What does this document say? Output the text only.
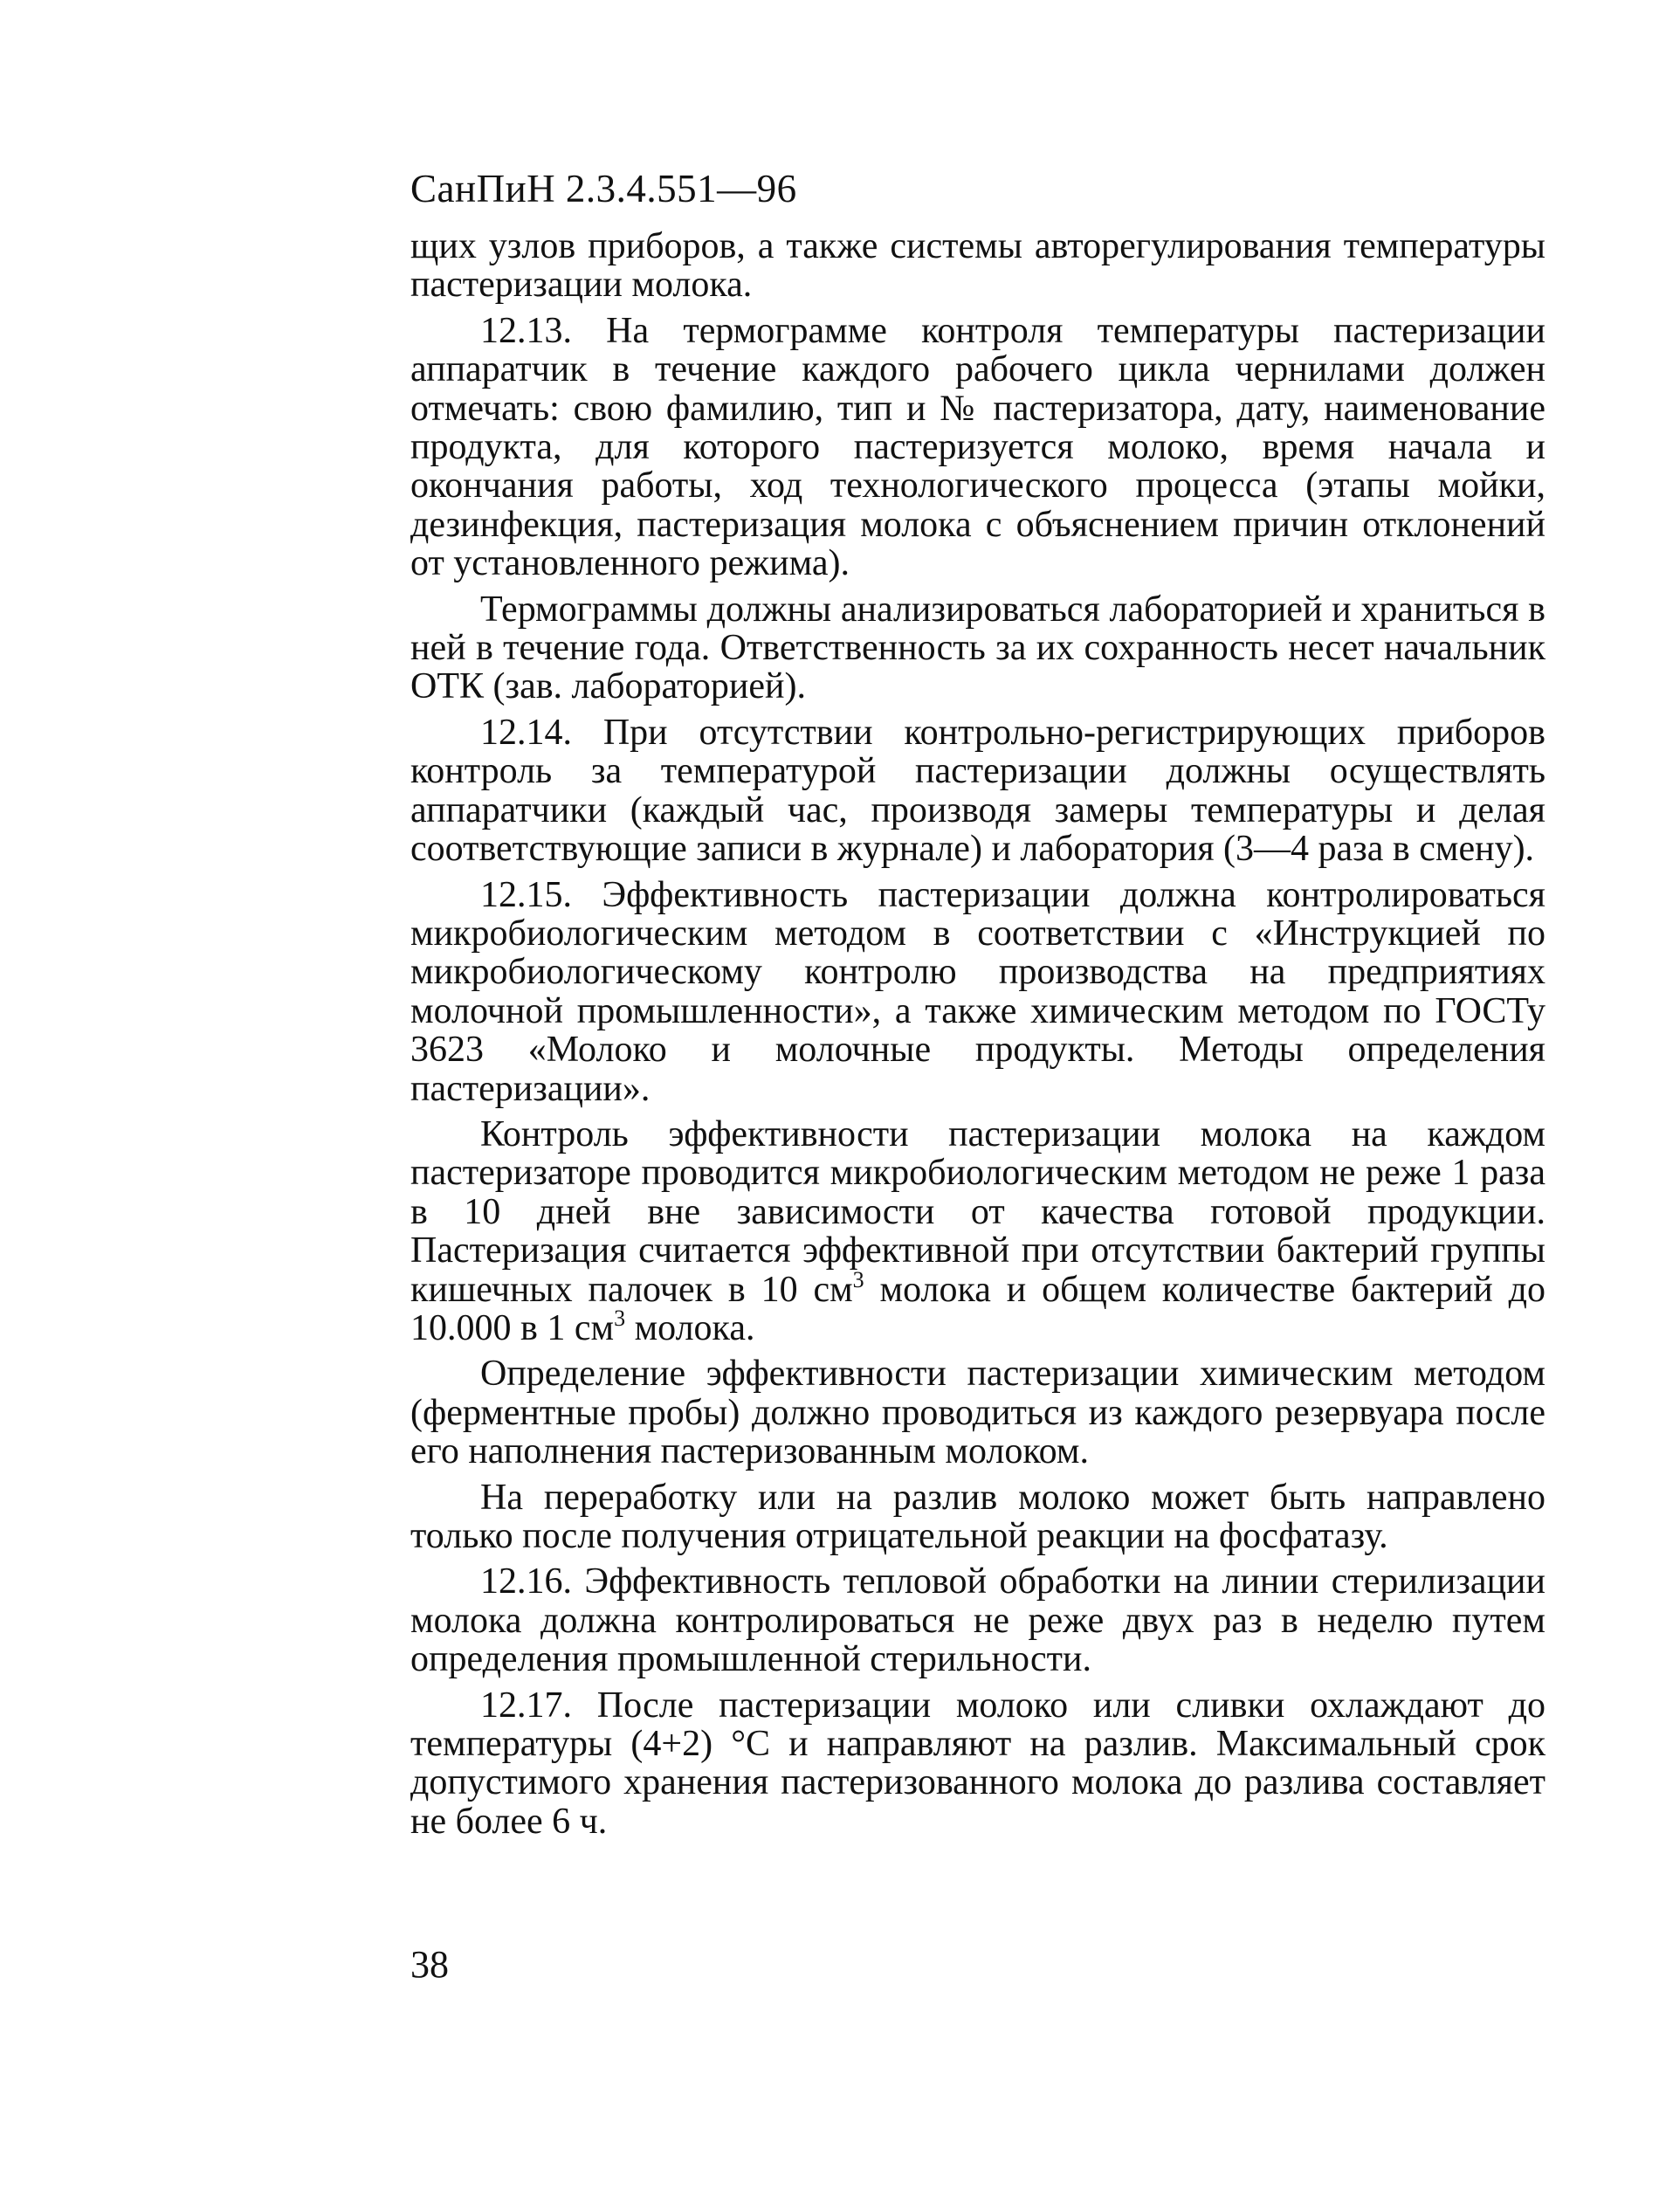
СанПиН 2.3.4.551—96

щих узлов приборов, а также системы авторегулирования температуры пастеризации молока.

12.13. На термограмме контроля температуры пастеризации аппаратчик в течение каждого рабочего цикла чернилами должен отмечать: свою фамилию, тип и № пастеризатора, дату, наименование продукта, для которого пастеризуется молоко, время начала и окончания работы, ход технологического процесса (этапы мойки, дезинфекция, пастеризация молока с объяснением причин отклонений от установленного режима).

Термограммы должны анализироваться лабораторией и храниться в ней в течение года. Ответственность за их сохранность несет начальник ОТК (зав. лабораторией).

12.14. При отсутствии контрольно-регистрирующих приборов контроль за температурой пастеризации должны осуществлять аппаратчики (каждый час, производя замеры температуры и делая соответствующие записи в журнале) и лаборатория (3—4 раза в смену).

12.15. Эффективность пастеризации должна контролироваться микробиологическим методом в соответствии с «Инструкцией по микробиологическому контролю производства на предприятиях молочной промышленности», а также химическим методом по ГОСТу 3623 «Молоко и молочные продукты. Методы определения пастеризации».

Контроль эффективности пастеризации молока на каждом пастеризаторе проводится микробиологическим методом не реже 1 раза в 10 дней вне зависимости от качества готовой продукции. Пастеризация считается эффективной при отсутствии бактерий группы кишечных палочек в 10 $см^3$ молока и общем количестве бактерий до 10.000 в 1 $см^3$ молока.

Определение эффективности пастеризации химическим методом (ферментные пробы) должно проводиться из каждого резервуара после его наполнения пастеризованным молоком.

На переработку или на разлив молоко может быть направлено только после получения отрицательной реакции на фосфатазу.

12.16. Эффективность тепловой обработки на линии стерилизации молока должна контролироваться не реже двух раз в неделю путем определения промышленной стерильности.

12.17. После пастеризации молоко или сливки охлаждают до температуры (4+2) °С и направляют на разлив. Максимальный срок допустимого хранения пастеризованного молока до разлива составляет не более 6 ч.

38
